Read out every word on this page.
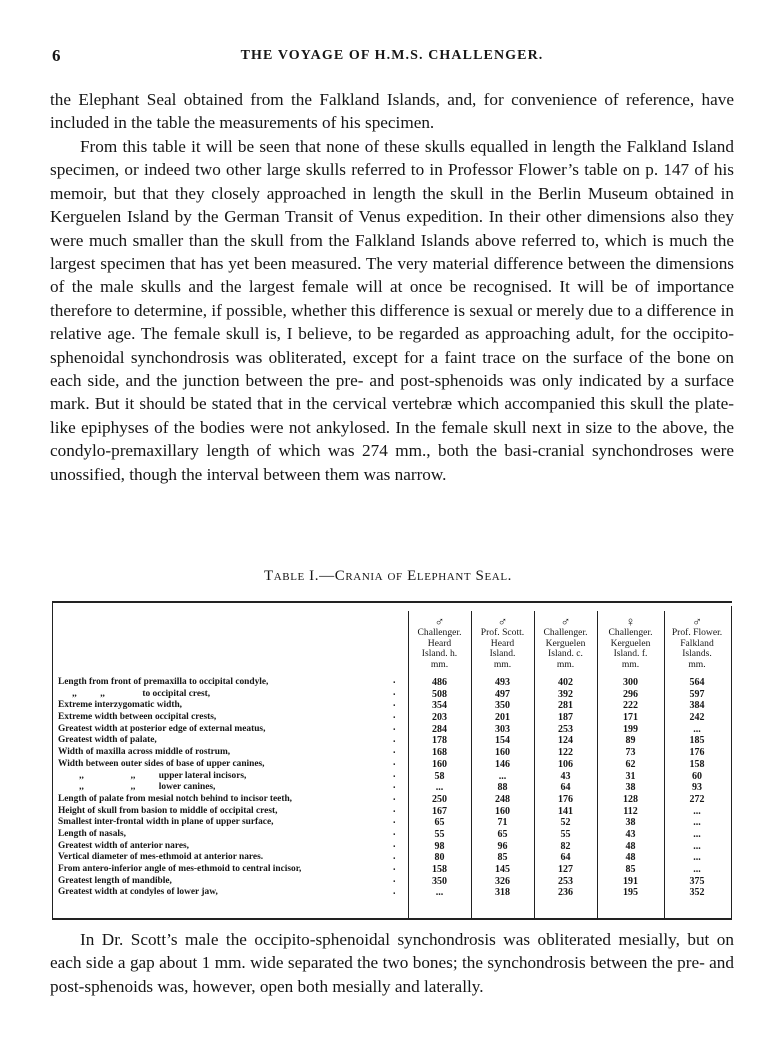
6	THE VOYAGE OF H.M.S. CHALLENGER.

the Elephant Seal obtained from the Falkland Islands, and, for convenience of reference, have included in the table the measurements of his specimen.

From this table it will be seen that none of these skulls equalled in length the Falkland Island specimen, or indeed two other large skulls referred to in Professor Flower’s table on p. 147 of his memoir, but that they closely approached in length the skull in the Berlin Museum obtained in Kerguelen Island by the German Transit of Venus expedition. In their other dimensions also they were much smaller than the skull from the Falkland Islands above referred to, which is much the largest specimen that has yet been measured. The very material difference between the dimensions of the male skulls and the largest female will at once be recognised. It will be of importance therefore to determine, if possible, whether this difference is sexual or merely due to a difference in relative age. The female skull is, I believe, to be regarded as approaching adult, for the occipito-sphenoidal synchondrosis was obliterated, except for a faint trace on the surface of the bone on each side, and the junction between the pre- and post-sphenoids was only indicated by a surface mark. But it should be stated that in the cervical vertebræ which accompanied this skull the plate-like epiphyses of the bodies were not ankylosed. In the female skull next in size to the above, the condylo-premaxillary length of which was 274 mm., both the basi-cranial synchondroses were unossified, though the interval between them was narrow.

Table I.—Crania of Elephant Seal.
Length from front of premaxilla to occipital condyle,
,,          ,,                to occipital crest,
Extreme interzygomatic width,
Extreme width between occipital crests,
Greatest width at posterior edge of external meatus,
Greatest width of palate,
Width of maxilla across middle of rostrum,
Width between outer sides of base of upper canines,
,,                    ,,          upper lateral incisors,
,,                    ,,          lower canines,
Length of palate from mesial notch behind to incisor teeth,
Height of skull from basion to middle of occipital crest,
Smallest inter-frontal width in plane of upper surface,
Length of nasals,
Greatest width of anterior nares,
Vertical diameter of mes-ethmoid at anterior nares.
From antero-inferior angle of mes-ethmoid to central incisor,
Greatest length of mandible,
Greatest width at condyles of lower jaw,
♂
Challenger.
Heard
Island. h.
mm.
486
508
354
203
284
178
168
160
58
...
250
167
65
55
98
80
158
350
...
♂
Prof. Scott.
Heard
Island.
mm.
493
497
350
201
303
154
160
146
...
88
248
160
71
65
96
85
145
326
318
♂
Challenger.
Kerguelen
Island. c.
mm.
402
392
281
187
253
124
122
106
43
64
176
141
52
55
82
64
127
253
236
♀
Challenger.
Kerguelen
Island. f.
mm.
300
296
222
171
199
89
73
62
31
38
128
112
38
43
48
48
85
191
195
♂
Prof. Flower.
Falkland
Islands.
mm.
564
597
384
242
...
185
176
158
60
93
272
...
...
...
...
...
...
375
352
.
.
.
.
.
.
.
.
.
.
.
.
.
.
.
.
.
.
.

In Dr. Scott’s male the occipito-sphenoidal synchondrosis was obliterated mesially, but on each side a gap about 1 mm. wide separated the two bones; the synchondrosis between the pre- and post-sphenoids was, however, open both mesially and laterally.
